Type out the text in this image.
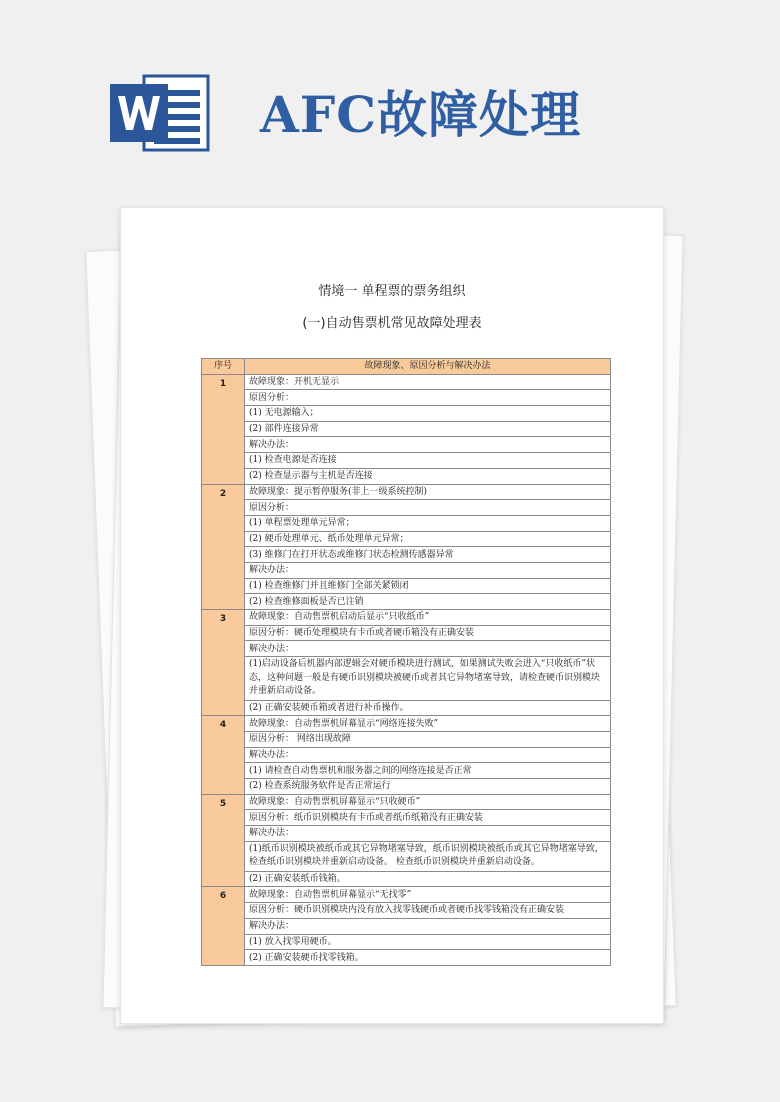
AFC故障处理
情境一 单程票的票务组织
(一)自动售票机常见故障处理表
序号	故障现象、原因分析与解决办法
1	故障现象：开机无显示
	原因分析：
	(1) 无电源输入；
	(2) 部件连接异常
	解决办法：
	(1) 检查电源是否连接
	(2) 检查显示器与主机是否连接
2	故障现象：提示暂停服务(非上一级系统控制)
	原因分析：
	(1) 单程票处理单元异常；
	(2) 硬币处理单元、纸币处理单元异常；
	(3) 维修门在打开状态或维修门状态检测传感器异常
	解决办法：
	(1) 检查维修门并且维修门全部关紧锁闭
	(2) 检查维修面板是否已注销
3	故障现象：自动售票机启动后显示“只收纸币”
	原因分析：硬币处理模块有卡币或者硬币箱没有正确安装
	解决办法：
	(1)启动设备后机器内部逻辑会对硬币模块进行测试，如果测试失败会进入“只收纸币”状态，这种问题一般是有硬币识别模块被硬币或者其它异物堵塞导致，请检查硬币识别模块并重新启动设备。
	(2) 正确安装硬币箱或者进行补币操作。
4	故障现象：自动售票机屏幕显示“网络连接失败”
	原因分析： 网络出现故障
	解决办法：
	(1) 请检查自动售票机和服务器之间的网络连接是否正常
	(2) 检查系统服务软件是否正常运行
5	故障现象：自动售票机屏幕显示“只收硬币”
	原因分析：纸币识别模块有卡币或者纸币纸箱没有正确安装
	解决办法：
	(1)纸币识别模块被纸币或其它异物堵塞导致，纸币识别模块被纸币或其它异物堵塞导致， 检查纸币识别模块并重新启动设备。 检查纸币识别模块并重新启动设备。
	(2) 正确安装纸币钱箱。
6	故障现象：自动售票机屏幕显示“无找零”
	原因分析：硬币识别模块内没有放入找零钱硬币或者硬币找零钱箱没有正确安装
	解决办法：
	(1) 放入找零用硬币。
	(2) 正确安装硬币找零钱箱。
